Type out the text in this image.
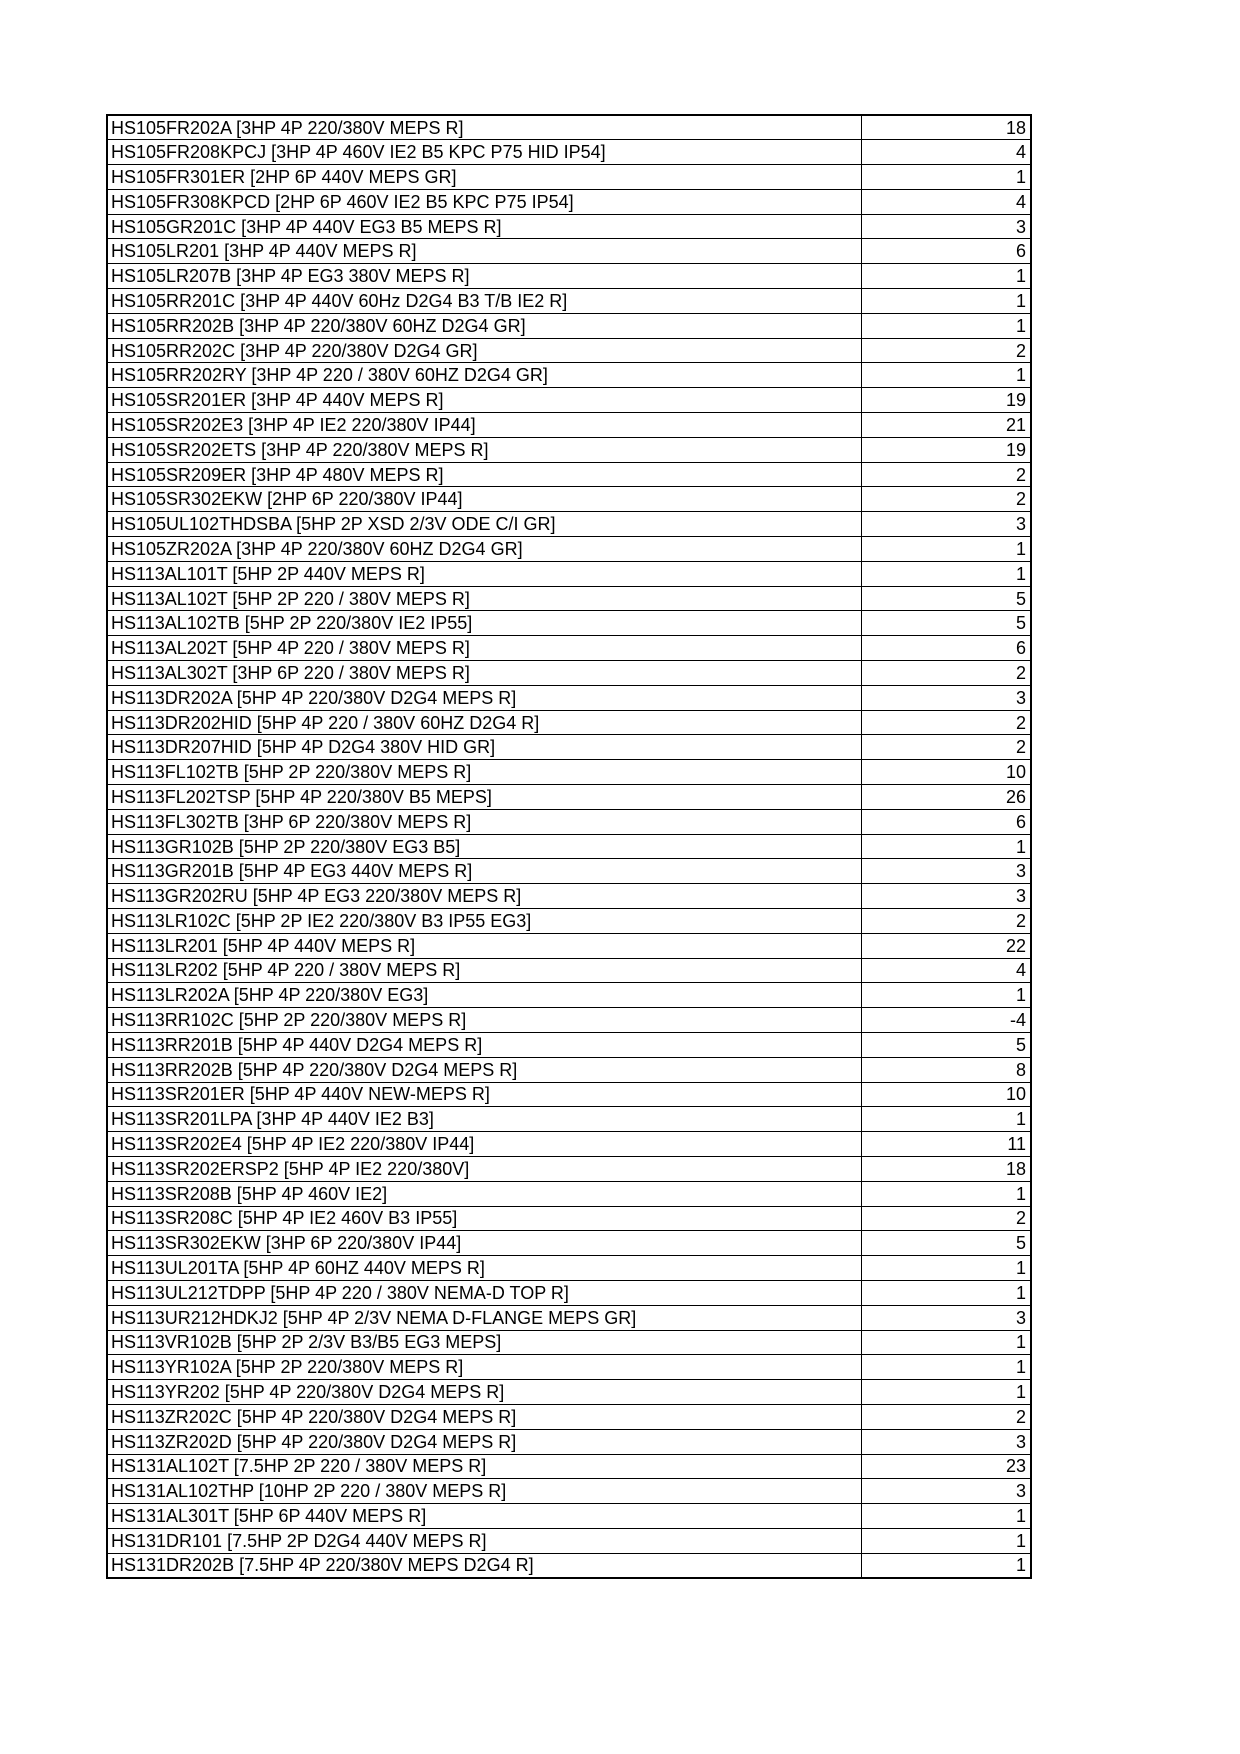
HS105FR202A [3HP 4P 220/380V MEPS R]	18
HS105FR208KPCJ [3HP 4P 460V IE2 B5 KPC P75 HID IP54]	4
HS105FR301ER [2HP 6P 440V MEPS GR]	1
HS105FR308KPCD [2HP 6P 460V IE2 B5 KPC P75 IP54]	4
HS105GR201C [3HP 4P 440V EG3 B5 MEPS R]	3
HS105LR201 [3HP 4P 440V MEPS R]	6
HS105LR207B [3HP 4P EG3 380V MEPS R]	1
HS105RR201C [3HP 4P 440V 60Hz D2G4 B3 T/B IE2 R]	1
HS105RR202B [3HP 4P 220/380V 60HZ D2G4 GR]	1
HS105RR202C [3HP 4P 220/380V D2G4 GR]	2
HS105RR202RY [3HP 4P 220 / 380V 60HZ D2G4 GR]	1
HS105SR201ER [3HP 4P 440V MEPS R]	19
HS105SR202E3 [3HP 4P IE2 220/380V IP44]	21
HS105SR202ETS [3HP 4P 220/380V MEPS R]	19
HS105SR209ER [3HP 4P 480V MEPS R]	2
HS105SR302EKW [2HP 6P 220/380V IP44]	2
HS105UL102THDSBA [5HP 2P XSD 2/3V ODE C/I GR]	3
HS105ZR202A [3HP 4P 220/380V 60HZ D2G4 GR]	1
HS113AL101T [5HP 2P 440V MEPS R]	1
HS113AL102T [5HP 2P 220 / 380V MEPS R]	5
HS113AL102TB [5HP 2P 220/380V IE2 IP55]	5
HS113AL202T [5HP 4P 220 / 380V MEPS R]	6
HS113AL302T [3HP 6P 220 / 380V MEPS R]	2
HS113DR202A [5HP 4P 220/380V D2G4 MEPS R]	3
HS113DR202HID [5HP 4P 220 / 380V 60HZ D2G4 R]	2
HS113DR207HID [5HP 4P D2G4 380V HID GR]	2
HS113FL102TB [5HP 2P 220/380V MEPS R]	10
HS113FL202TSP [5HP 4P 220/380V B5 MEPS]	26
HS113FL302TB [3HP 6P 220/380V MEPS R]	6
HS113GR102B [5HP 2P 220/380V EG3 B5]	1
HS113GR201B [5HP 4P EG3 440V MEPS R]	3
HS113GR202RU [5HP 4P EG3 220/380V MEPS R]	3
HS113LR102C [5HP 2P IE2 220/380V B3 IP55 EG3]	2
HS113LR201 [5HP 4P 440V MEPS R]	22
HS113LR202 [5HP 4P 220 / 380V MEPS R]	4
HS113LR202A [5HP 4P 220/380V EG3]	1
HS113RR102C [5HP 2P 220/380V MEPS R]	-4
HS113RR201B [5HP 4P 440V D2G4 MEPS R]	5
HS113RR202B [5HP 4P 220/380V D2G4 MEPS R]	8
HS113SR201ER [5HP 4P 440V NEW-MEPS R]	10
HS113SR201LPA [3HP 4P 440V IE2 B3]	1
HS113SR202E4 [5HP 4P IE2 220/380V IP44]	11
HS113SR202ERSP2 [5HP 4P IE2 220/380V]	18
HS113SR208B [5HP 4P 460V IE2]	1
HS113SR208C [5HP 4P IE2 460V B3 IP55]	2
HS113SR302EKW [3HP 6P 220/380V IP44]	5
HS113UL201TA [5HP 4P 60HZ 440V MEPS R]	1
HS113UL212TDPP [5HP 4P 220 / 380V NEMA-D TOP R]	1
HS113UR212HDKJ2 [5HP 4P 2/3V NEMA D-FLANGE MEPS GR]	3
HS113VR102B [5HP 2P 2/3V B3/B5 EG3 MEPS]	1
HS113YR102A [5HP 2P 220/380V MEPS R]	1
HS113YR202 [5HP 4P 220/380V D2G4 MEPS R]	1
HS113ZR202C [5HP 4P 220/380V D2G4 MEPS R]	2
HS113ZR202D [5HP 4P 220/380V D2G4 MEPS R]	3
HS131AL102T [7.5HP 2P 220 / 380V MEPS R]	23
HS131AL102THP [10HP 2P 220 / 380V MEPS R]	3
HS131AL301T [5HP 6P 440V MEPS R]	1
HS131DR101 [7.5HP 2P D2G4 440V MEPS R]	1
HS131DR202B [7.5HP 4P 220/380V MEPS D2G4 R]	1
